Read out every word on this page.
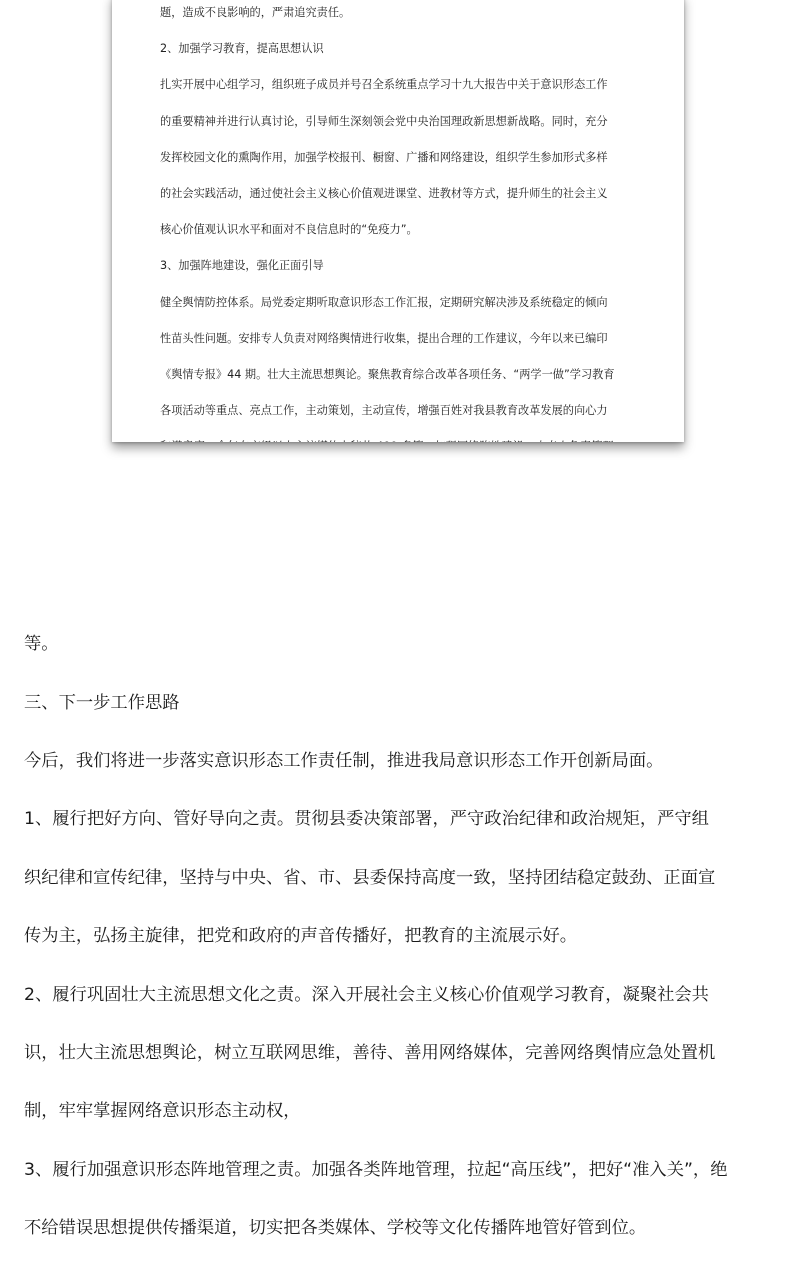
题，造成不良影响的，严肃追究责任。

2、加强学习教育，提高思想认识

扎实开展中心组学习，组织班子成员并号召全系统重点学习十九大报告中关于意识形态工作

的重要精神并进行认真讨论，引导师生深刻领会党中央治国理政新思想新战略。同时，充分

发挥校园文化的熏陶作用，加强学校报刊、橱窗、广播和网络建设，组织学生参加形式多样

的社会实践活动，通过使社会主义核心价值观进课堂、进教材等方式，提升师生的社会主义

核心价值观认识水平和面对不良信息时的“免疫力”。

3、加强阵地建设，强化正面引导

健全舆情防控体系。局党委定期听取意识形态工作汇报，定期研究解决涉及系统稳定的倾向

性苗头性问题。安排专人负责对网络舆情进行收集，提出合理的工作建议，今年以来已编印

《舆情专报》44 期。壮大主流思想舆论。聚焦教育综合改革各项任务、“两学一做”学习教育

各项活动等重点、亮点工作，主动策划，主动宣传，增强百姓对我县教育改革发展的向心力

等。

三、下一步工作思路

今后，我们将进一步落实意识形态工作责任制，推进我局意识形态工作开创新局面。

1、履行把好方向、管好导向之责。贯彻县委决策部署，严守政治纪律和政治规矩，严守组

织纪律和宣传纪律，坚持与中央、省、市、县委保持高度一致，坚持团结稳定鼓劲、正面宣

传为主，弘扬主旋律，把党和政府的声音传播好，把教育的主流展示好。

2、履行巩固壮大主流思想文化之责。深入开展社会主义核心价值观学习教育，凝聚社会共

识，壮大主流思想舆论，树立互联网思维，善待、善用网络媒体，完善网络舆情应急处置机

制，牢牢掌握网络意识形态主动权，

3、履行加强意识形态阵地管理之责。加强各类阵地管理，拉起“高压线”，把好“准入关”，绝

不给错误思想提供传播渠道，切实把各类媒体、学校等文化传播阵地管好管到位。
